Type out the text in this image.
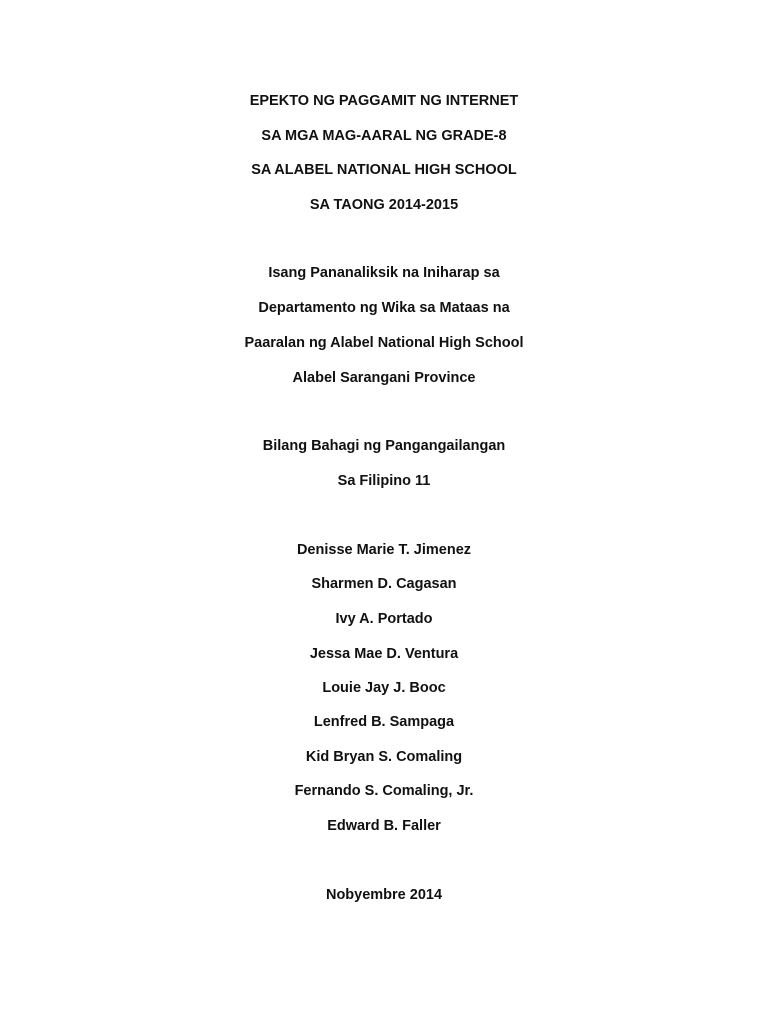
EPEKTO NG PAGGAMIT NG INTERNET
SA MGA MAG-AARAL NG GRADE-8
SA ALABEL NATIONAL HIGH SCHOOL
SA TAONG 2014-2015
Isang Pananaliksik na Iniharap sa
Departamento ng Wika sa Mataas na
Paaralan ng Alabel National High School
Alabel Sarangani Province
Bilang Bahagi ng Pangangailangan
Sa Filipino 11
Denisse Marie T. Jimenez
Sharmen D. Cagasan
Ivy A. Portado
Jessa Mae D. Ventura
Louie Jay J. Booc
Lenfred B. Sampaga
Kid Bryan S. Comaling
Fernando S. Comaling, Jr.
Edward B. Faller
Nobyembre 2014
